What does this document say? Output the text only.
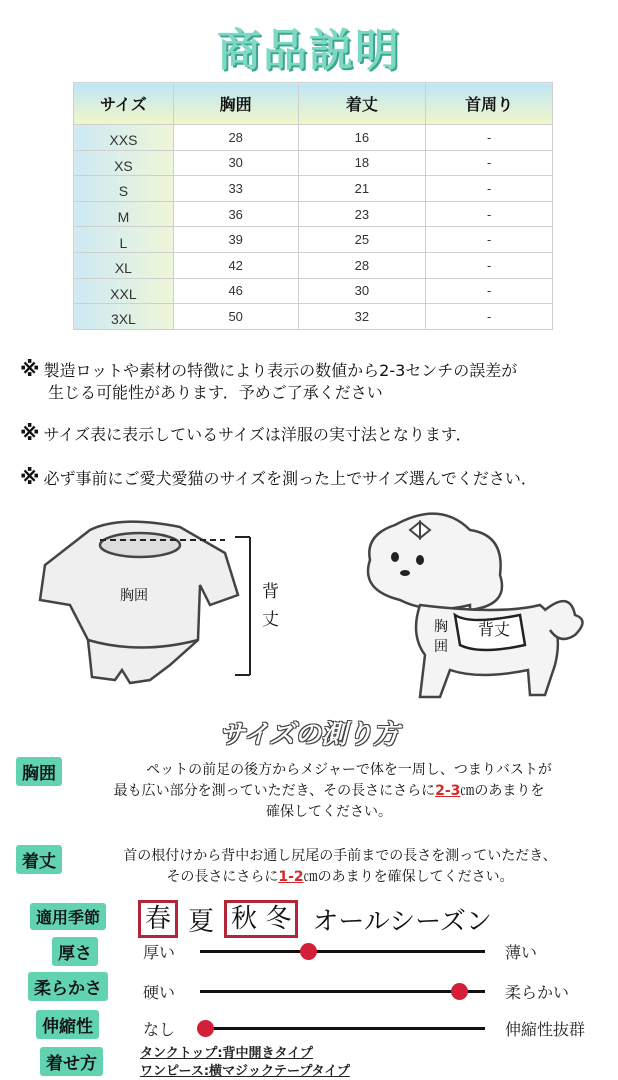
商品説明
サイズ	胸囲	着丈	首周り
XXS	28	16	-
XS	30	18	-
S	33	21	-
M	36	23	-
L	39	25	-
XL	42	28	-
XXL	46	30	-
3XL	50	32	-
※ 製造ロットや素材の特徴により表示の数値から2-3センチの誤差が
生じる可能性があります．予めご了承ください
※ サイズ表に表示しているサイズは洋服の実寸法となります．
※ 必ず事前にご愛犬愛猫のサイズを測った上でサイズ選んでください．
胸囲	背
丈	背丈
胸
囲
サイズの測り方
胸囲	ペットの前足の後方からメジャーで体を一周し、つまりバストが
最も広い部分を測っていただき、その長さにさらに2-3㎝のあまりを
確保してください。
着丈	首の根付けから背中お通し尻尾の手前までの長さを測っていただき、
その長さにさらに1-2㎝のあまりを確保してください。
適用季節 春 夏 秋 冬 オールシーズン
厚さ	厚い	薄い
柔らかさ	硬い	柔らかい
伸縮性	なし	伸縮性抜群
着せ方
タンクトップ:背中開きタイプ
ワンピース:横マジックテープタイプ
